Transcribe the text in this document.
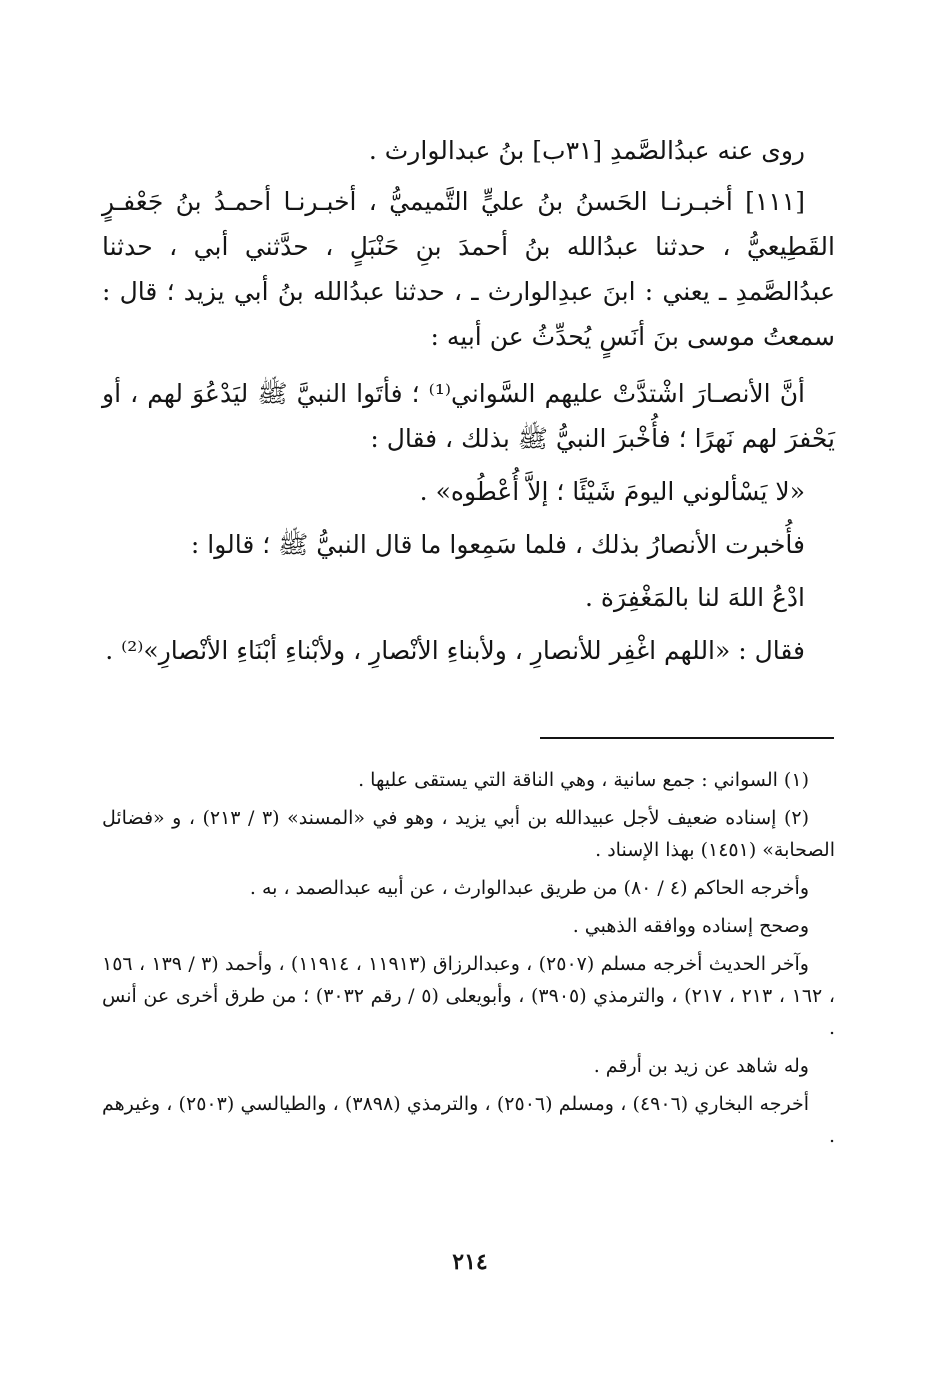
روى عنه عبدُالصَّمدِ [٣١ب] بنُ عبدالوارث .

[١١١] أخبـرنـا الحَسنُ بنُ عليٍّ التَّميميُّ ، أخبـرنـا أحمـدُ بنُ جَعْفـرٍ القَطِيعيُّ ، حدثنا عبدُالله بنُ أحمدَ بنِ حَنْبَلٍ ، حدَّثني أبي ، حدثنا عبدُالصَّمدِ ـ يعني : ابنَ عبدِالوارث ـ ، حدثنا عبدُالله بنُ أبي يزيد ؛ قال : سمعتُ موسى بنَ أنَسٍ يُحدِّثُ عن أبيه :

أنَّ الأنصـارَ اشْتدَّتْ عليهم السَّواني⁽¹⁾ ؛ فأتَوا النبيَّ ﷺ ليَدْعُوَ لهم ، أو يَحْفرَ لهم نَهرًا ؛ فأُخْبرَ النبيُّ ﷺ بذلك ، فقال :

«لا يَسْألوني اليومَ شَيْئًا ؛ إلاَّ أُعْطُوه» .

فأُخبرت الأنصارُ بذلك ، فلما سَمِعوا ما قال النبيُّ ﷺ ؛ قالوا :

ادْعُ اللهَ لنا بالمَغْفِرَة .

فقال : «اللهم اغْفِر للأنصارِ ، ولأبناءِ الأنْصارِ ، ولأبْناءِ أبْنَاءِ الأنْصارِ»⁽²⁾ .

(١) السواني : جمع سانية ، وهي الناقة التي يستقى عليها .

(٢) إسناده ضعيف لأجل عبيدالله بن أبي يزيد ، وهو في «المسند» (٣ / ٢١٣) ، و «فضائل الصحابة» (١٤٥١) بهذا الإسناد .

وأخرجه الحاكم (٤ / ٨٠) من طريق عبدالوارث ، عن أبيه عبدالصمد ، به .

وصحح إسناده ووافقه الذهبي .

وآخر الحديث أخرجه مسلم (٢٥٠٧) ، وعبدالرزاق (١١٩١٣ ، ١١٩١٤) ، وأحمد (٣ / ١٣٩ ، ١٥٦ ، ١٦٢ ، ٢١٣ ، ٢١٧) ، والترمذي (٣٩٠٥) ، وأبويعلى (٥ / رقم ٣٠٣٢) ؛ من طرق أخرى عن أنس .

وله شاهد عن زيد بن أرقم .

أخرجه البخاري (٤٩٠٦) ، ومسلم (٢٥٠٦) ، والترمذي (٣٨٩٨) ، والطيالسي (٢٥٠٣) ، وغيرهم .

٢١٤
